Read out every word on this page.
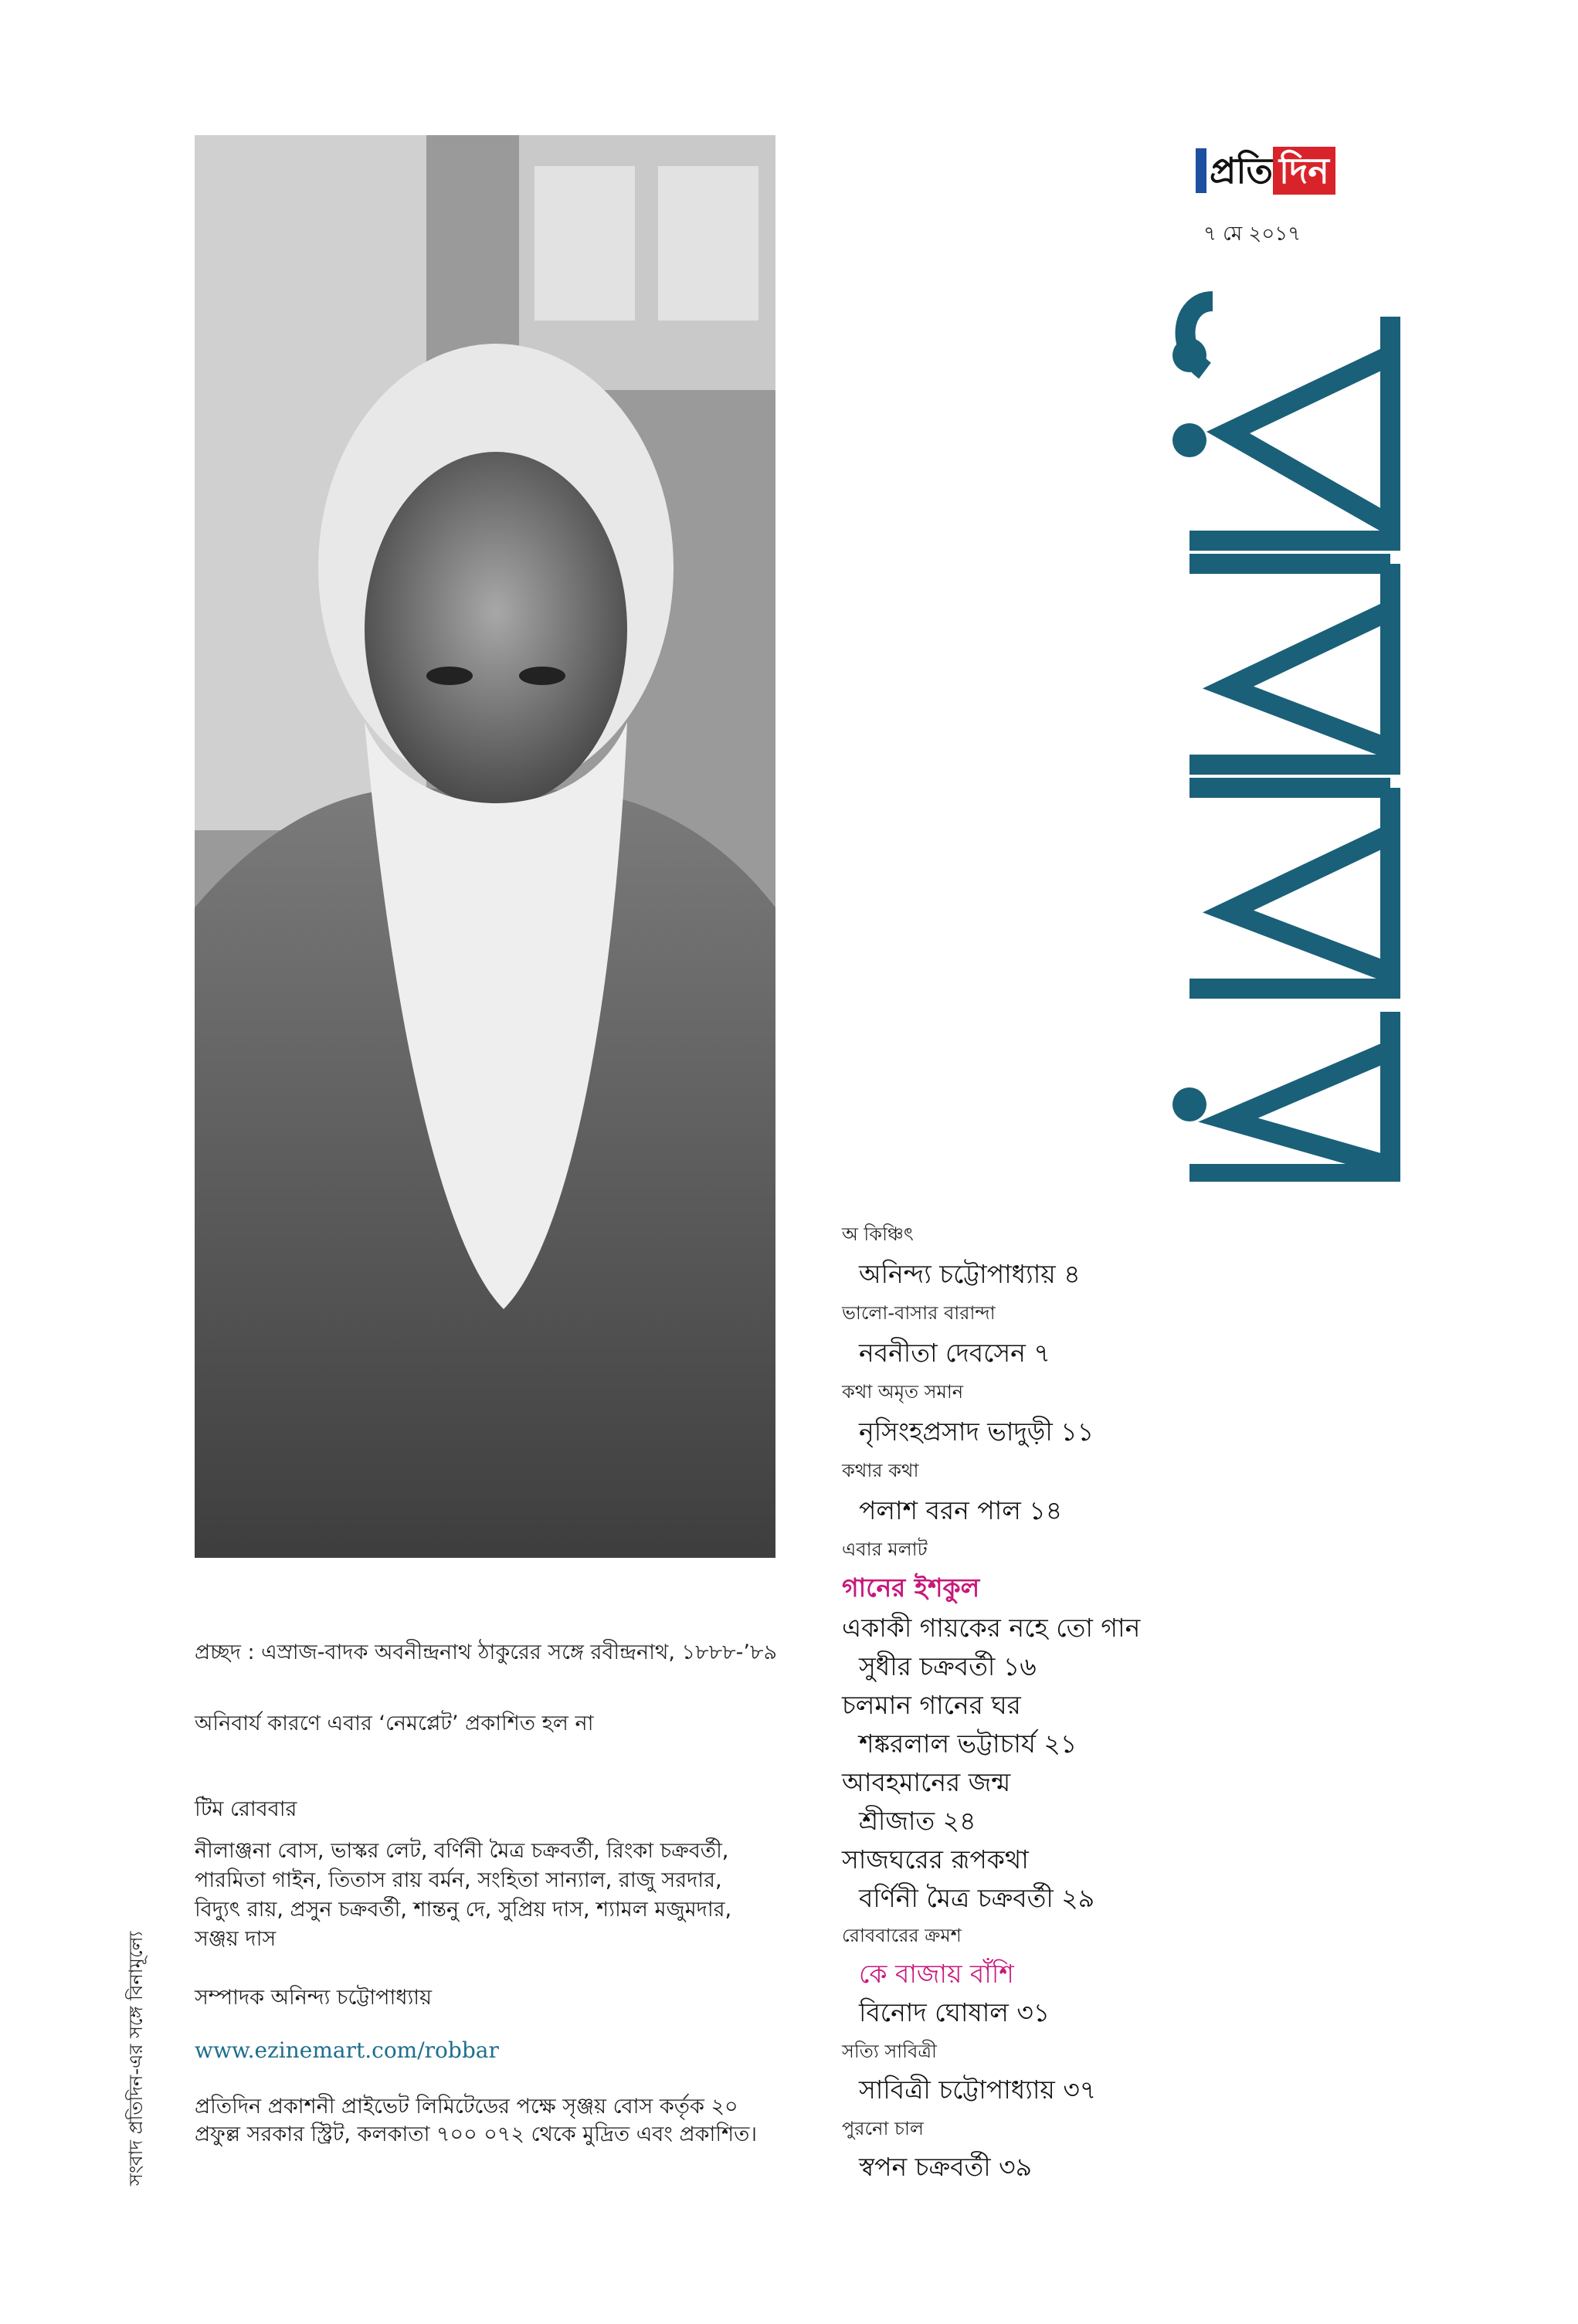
প্রতি দিন
৭ মে ২০১৭
প্রচ্ছদ : এস্রাজ-বাদক অবনীন্দ্রনাথ ঠাকুরের সঙ্গে রবীন্দ্রনাথ, ১৮৮৮-’৮৯
অনিবার্য কারণে এবার ‘নেমপ্লেট’ প্রকাশিত হল না
টিম রোববার
নীলাঞ্জনা বোস, ভাস্কর লেট, বর্ণিনী মৈত্র চক্রবর্তী, রিংকা চক্রবর্তী, পারমিতা গাইন, তিতাস রায় বর্মন, সংহিতা সান্যাল, রাজু সরদার, বিদ্যুৎ রায়, প্রসুন চক্রবর্তী, শান্তনু দে, সুপ্রিয় দাস, শ্যামল মজুমদার, সঞ্জয় দাস
সম্পাদক অনিন্দ্য চট্টোপাধ্যায়
www.ezinemart.com/robbar
প্রতিদিন প্রকাশনী প্রাইভেট লিমিটেডের পক্ষে সৃঞ্জয় বোস কর্তৃক ২০ প্রফুল্ল সরকার স্ট্রিট, কলকাতা ৭০০ ০৭২ থেকে মুদ্রিত এবং প্রকাশিত।
সংবাদ প্রতিদিন-এর সঙ্গে বিনামূল্যে
অ কিঞ্চিৎ
অনিন্দ্য চট্টোপাধ্যায় ৪
ভালো-বাসার বারান্দা
নবনীতা দেবসেন ৭
কথা অমৃত সমান
নৃসিংহপ্রসাদ ভাদুড়ী ১১
কথার কথা
পলাশ বরন পাল ১৪
এবার মলাট
গানের ইশকুল
একাকী গায়কের নহে তো গান
সুধীর চক্রবর্তী ১৬
চলমান গানের ঘর
শঙ্করলাল ভট্টাচার্য ২১
আবহমানের জন্ম
শ্রীজাত ২৪
সাজঘরের রূপকথা
বর্ণিনী মৈত্র চক্রবর্তী ২৯
রোববারের ক্রমশ
কে বাজায় বাঁশি
বিনোদ ঘোষাল ৩১
সত্যি সাবিত্রী
সাবিত্রী চট্টোপাধ্যায় ৩৭
পুরনো চাল
স্বপন চক্রবর্তী ৩৯
